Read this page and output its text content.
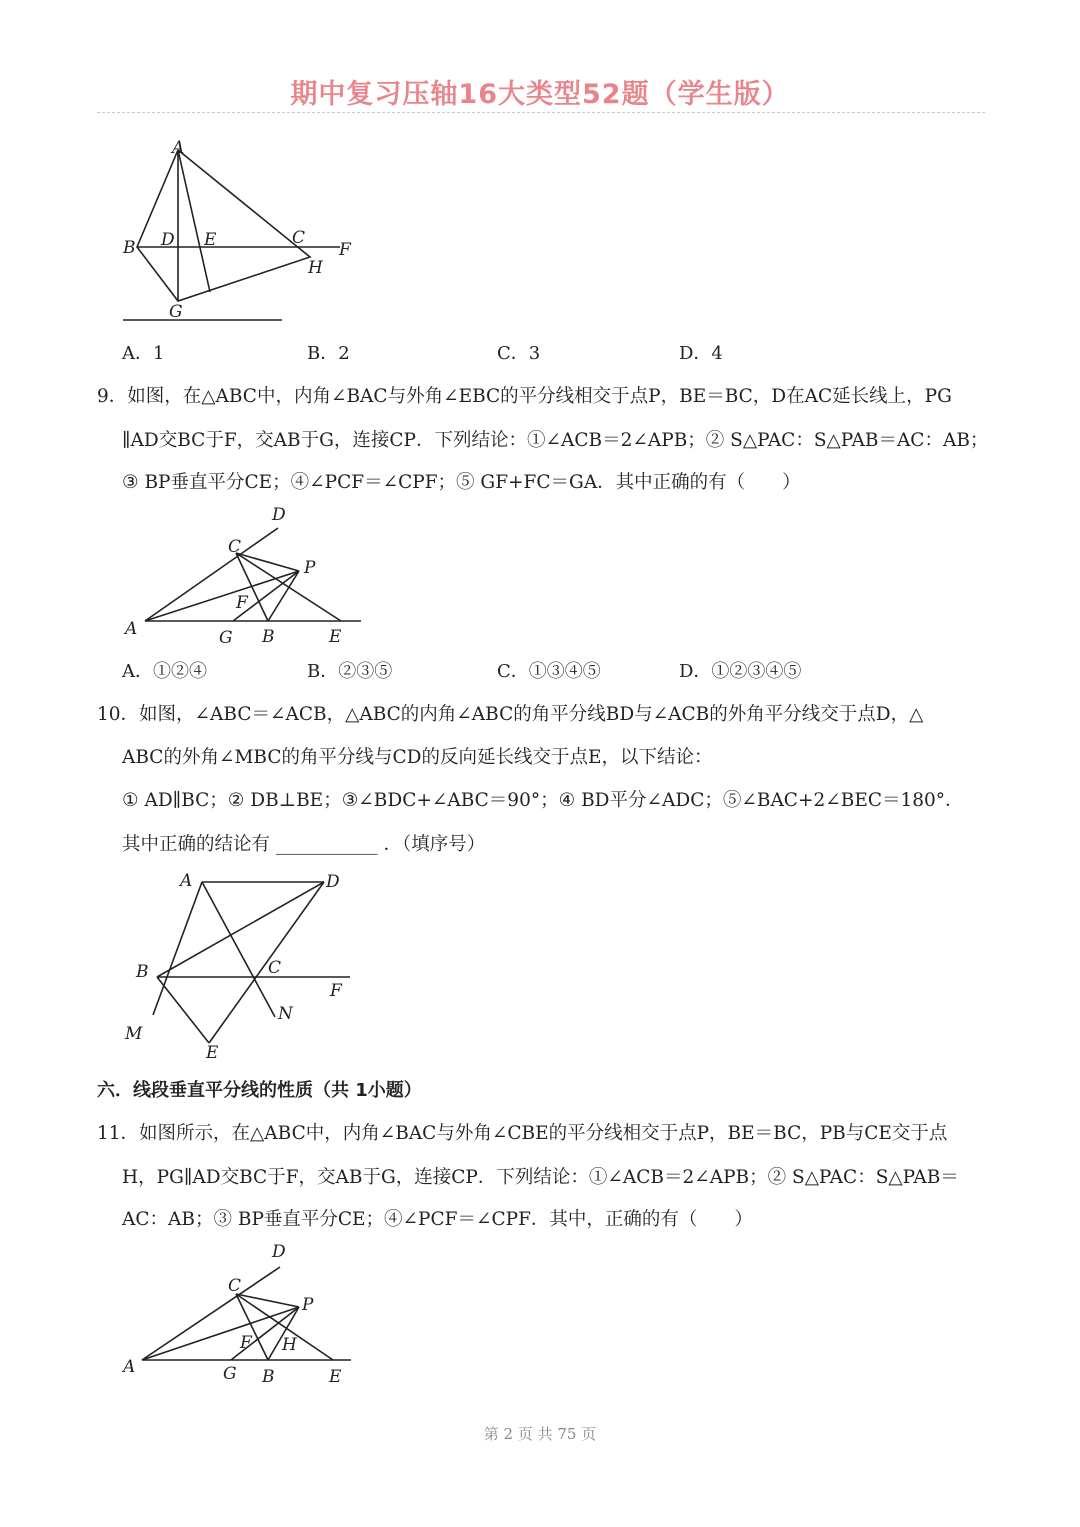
期中复习压轴16大类型52题（学生版）
A
B D E	C
F
H
G
A．1	B．2	C．3	D．4
9．如图，在△ABC中，内角∠BAC与外角∠EBC的平分线相交于点P，BE＝BC，D在AC延长线上，PG
∥AD交BC于F，交AB于G，连接CP．下列结论：①∠ACB＝2∠APB；② S△PAC：S△PAB＝AC：AB；
③ BP垂直平分CE；④∠PCF＝∠CPF；⑤ GF+FC＝GA．其中正确的有（　　）
D
C
P
F
A	G B	E
A．①②④	B．②③⑤	C．①③④⑤	D．①②③④⑤
10．如图，∠ABC＝∠ACB，△ABC的内角∠ABC的角平分线BD与∠ACB的外角平分线交于点D，△
ABC的外角∠MBC的角平分线与CD的反向延长线交于点E，以下结论：
① AD∥BC；② DB⊥BE；③∠BDC+∠ABC＝90°；④ BD平分∠ADC；⑤∠BAC+2∠BEC＝180°．
其中正确的结论有 ___________ ．（填序号）
A	D
B	C
F
N
M
E
六．线段垂直平分线的性质（共 1小题）
11．如图所示，在△ABC中，内角∠BAC与外角∠CBE的平分线相交于点P，BE＝BC，PB与CE交于点
H，PG∥AD交BC于F，交AB于G，连接CP．下列结论：①∠ACB＝2∠APB；② S△PAC：S△PAB＝
AC：AB；③ BP垂直平分CE；④∠PCF＝∠CPF．其中，正确的有（　　）
D
C
P
F H
A	G B	E
第 2 页 共 75 页
